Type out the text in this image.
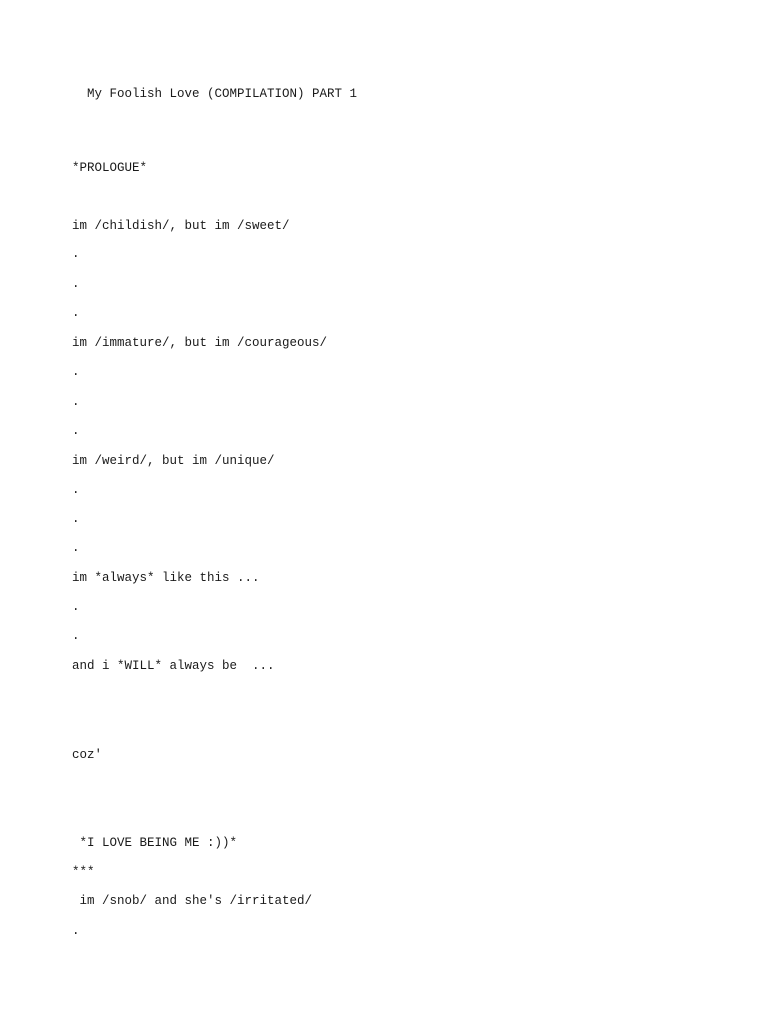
My Foolish Love (COMPILATION) PART 1
*PROLOGUE*
im /childish/, but im /sweet/
.
.
.
im /immature/, but im /courageous/
.
.
.
im /weird/, but im /unique/
.
.
.
im *always* like this ...
.
.
and i *WILL* always be  ...
coz'
*I LOVE BEING ME :))*
***
im /snob/ and she's /irritated/
.
